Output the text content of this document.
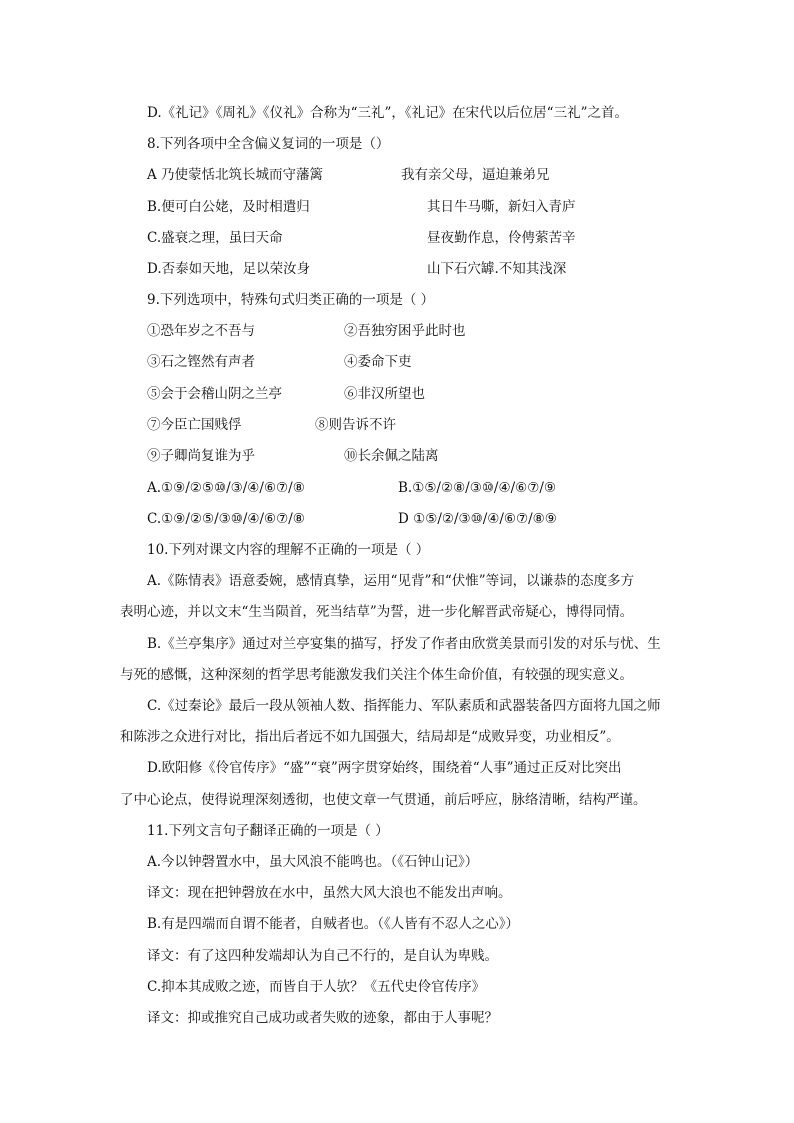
D.《礼记》《周礼》《仪礼》合称为“三礼”，《礼记》在宋代以后位居“三礼”之首。
8.下列各项中全含偏义复词的一项是（）
A 乃使蒙恬北筑长城而守藩篱	我有亲父母，逼迫兼弟兄
B.便可白公姥，及时相遣归	其日牛马嘶，新妇入青庐
C.盛衰之理，虽曰天命	昼夜勤作息，伶俜萦苦辛
D.否泰如天地，足以荣汝身	山下石穴罅.不知其浅深
9.下列选项中，特殊句式归类正确的一项是（ ）
①恐年岁之不吾与	②吾独穷困乎此时也
③石之铿然有声者	④委命下吏
⑤会于会稽山阴之兰亭	⑥非汉所望也
⑦今臣亡国贱俘	⑧则告诉不许
⑨子卿尚复谁为乎	⑩长余佩之陆离
A.①⑨/②⑤⑩/③/④/⑥⑦/⑧	B.①⑤/②⑧/③⑩/④/⑥⑦/⑨
C.①⑨/②⑤/③⑩/④/⑥⑦/⑧	D ①⑤/②/③⑩/④/⑥⑦/⑧⑨
10.下列对课文内容的理解不正确的一项是（ ）
A.《陈情表》语意委婉，感情真挚，运用“见背”和“伏惟”等词，以谦恭的态度多方
表明心迹，并以文末“生当陨首，死当结草”为誓，进一步化解晋武帝疑心，博得同情。
B.《兰亭集序》通过对兰亭宴集的描写，抒发了作者由欣赏美景而引发的对乐与忧、生
与死的感慨，这种深刻的哲学思考能激发我们关注个体生命价值，有较强的现实意义。
C.《过秦论》最后一段从领袖人数、指挥能力、军队素质和武器装备四方面将九国之师
和陈涉之众进行对比，指出后者远不如九国强大，结局却是“成败异变，功业相反”。
D.欧阳修《伶官传序》“盛”“衰”两字贯穿始终，围绕着“人事”通过正反对比突出
了中心论点，使得说理深刻透彻，也使文章一气贯通，前后呼应，脉络清晰，结构严谨。
11.下列文言句子翻译正确的一项是（ ）
A.今以钟磬置水中，虽大风浪不能鸣也。（《石钟山记》）
译文：现在把钟磬放在水中，虽然大风大浪也不能发出声响。
B.有是四端而自谓不能者，自贼者也。（《人皆有不忍人之心》）
译文：有了这四种发端却认为自己不行的，是自认为卑贱。
C.抑本其成败之迹，而皆自于人欤？《五代史伶官传序》
译文：抑或推究自己成功或者失败的迹象，都由于人事呢？
